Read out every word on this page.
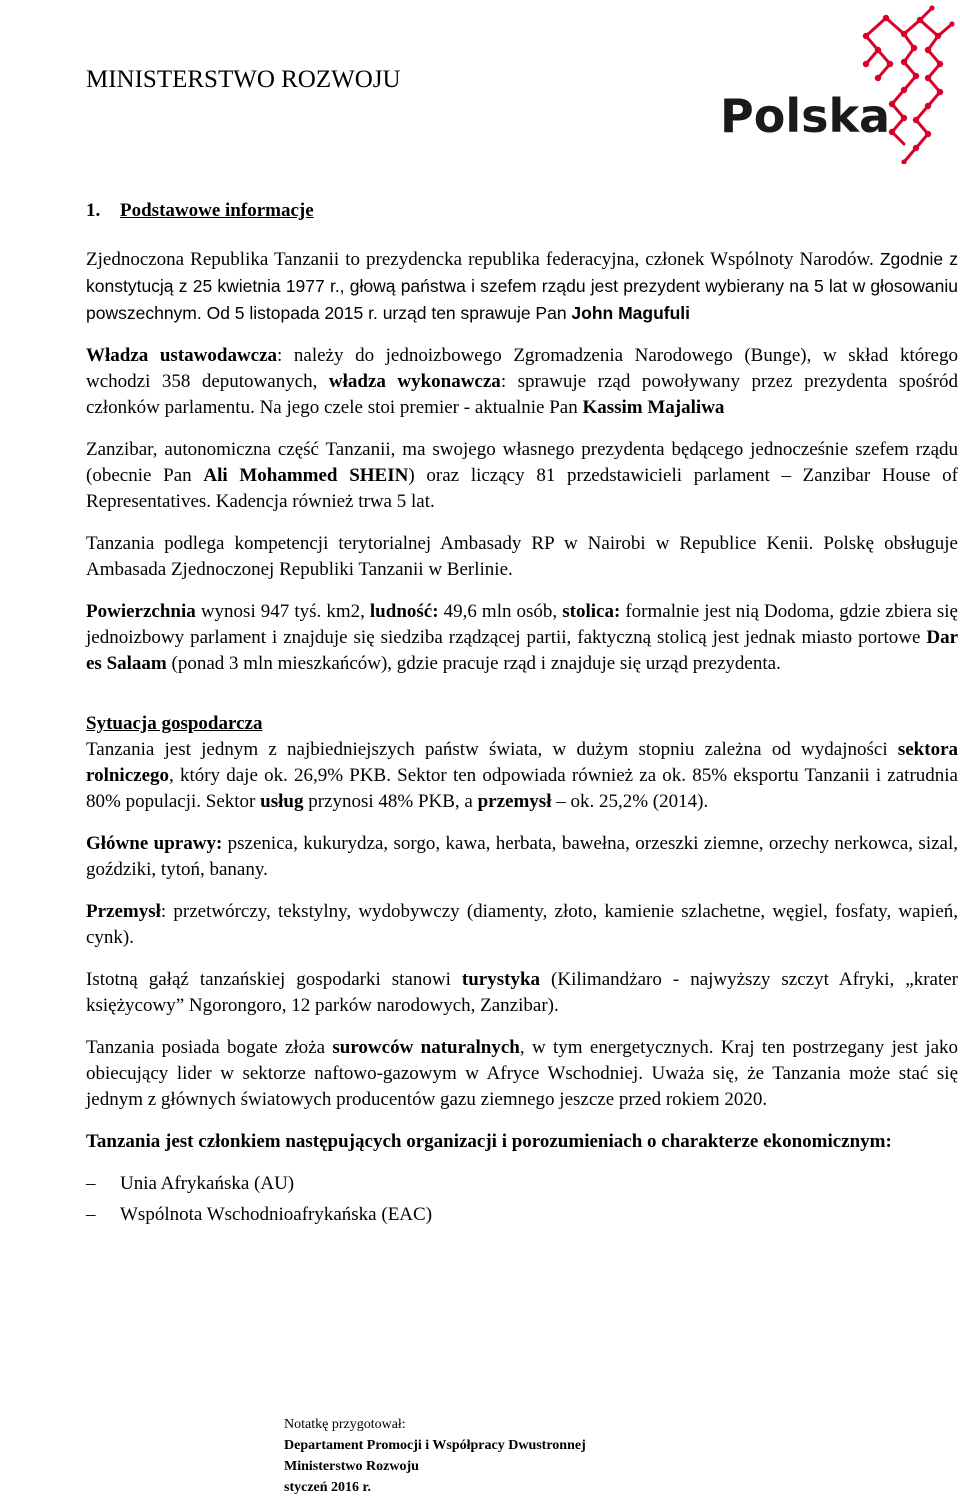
MINISTERSTWO ROZWOJU
Polska
1. Podstawowe informacje

Zjednoczona Republika Tanzanii to prezydencka republika federacyjna, członek Wspólnoty Narodów. Zgodnie z konstytucją z 25 kwietnia 1977 r., głową państwa i szefem rządu jest prezydent wybierany na 5 lat w głosowaniu powszechnym. Od 5 listopada 2015 r. urząd ten sprawuje Pan John Magufuli

Władza ustawodawcza: należy do jednoizbowego Zgromadzenia Narodowego (Bunge), w skład którego wchodzi 358 deputowanych, władza wykonawcza: sprawuje rząd powoływany przez prezydenta spośród członków parlamentu. Na jego czele stoi premier - aktualnie Pan Kassim Majaliwa

Zanzibar, autonomiczna część Tanzanii, ma swojego własnego prezydenta będącego jednocześnie szefem rządu (obecnie Pan Ali Mohammed SHEIN) oraz liczący 81 przedstawicieli parlament – Zanzibar House of Representatives. Kadencja również trwa 5 lat.

Tanzania podlega kompetencji terytorialnej Ambasady RP w Nairobi w Republice Kenii. Polskę obsługuje Ambasada Zjednoczonej Republiki Tanzanii w Berlinie.

Powierzchnia wynosi 947 tyś. km2, ludność: 49,6 mln osób, stolica: formalnie jest nią Dodoma, gdzie zbiera się jednoizbowy parlament i znajduje się siedziba rządzącej partii, faktyczną stolicą jest jednak miasto portowe Dar es Salaam (ponad 3 mln mieszkańców), gdzie pracuje rząd i znajduje się urząd prezydenta.

Sytuacja gospodarcza

Tanzania jest jednym z najbiedniejszych państw świata, w dużym stopniu zależna od wydajności sektora rolniczego, który daje ok. 26,9% PKB. Sektor ten odpowiada również za ok. 85% eksportu Tanzanii i zatrudnia 80% populacji. Sektor usług przynosi 48% PKB, a przemysł – ok. 25,2% (2014).

Główne uprawy: pszenica, kukurydza, sorgo, kawa, herbata, bawełna, orzeszki ziemne, orzechy nerkowca, sizal, goździki, tytoń, banany.

Przemysł: przetwórczy, tekstylny, wydobywczy (diamenty, złoto, kamienie szlachetne, węgiel, fosfaty, wapień, cynk).

Istotną gałąź tanzańskiej gospodarki stanowi turystyka (Kilimandżaro - najwyższy szczyt Afryki, „krater księżycowy” Ngorongoro, 12 parków narodowych, Zanzibar).

Tanzania posiada bogate złoża surowców naturalnych, w tym energetycznych. Kraj ten postrzegany jest jako obiecujący lider w sektorze naftowo-gazowym w Afryce Wschodniej. Uważa się, że Tanzania może stać się jednym z głównych światowych producentów gazu ziemnego jeszcze przed rokiem 2020.

Tanzania jest członkiem następujących organizacji i porozumieniach o charakterze ekonomicznym:

– Unia Afrykańska (AU)
– Wspólnota Wschodnioafrykańska (EAC)
Notatkę przygotował:
Departament Promocji i Współpracy Dwustronnej
Ministerstwo Rozwoju
styczeń 2016 r.
